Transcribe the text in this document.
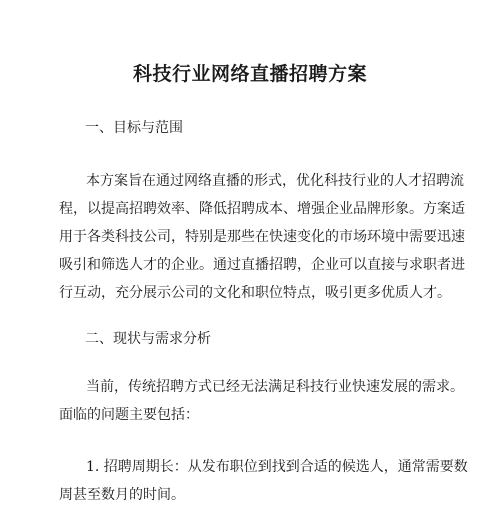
科技行业网络直播招聘方案
一、目标与范围

本方案旨在通过网络直播的形式，优化科技行业的人才招聘流
程，以提高招聘效率、降低招聘成本、增强企业品牌形象。方案适
用于各类科技公司，特别是那些在快速变化的市场环境中需要迅速
吸引和筛选人才的企业。通过直播招聘，企业可以直接与求职者进
行互动，充分展示公司的文化和职位特点，吸引更多优质人才。

二、现状与需求分析

当前，传统招聘方式已经无法满足科技行业快速发展的需求。
面临的问题主要包括：

1. 招聘周期长：从发布职位到找到合适的候选人，通常需要数
周甚至数月的时间。
